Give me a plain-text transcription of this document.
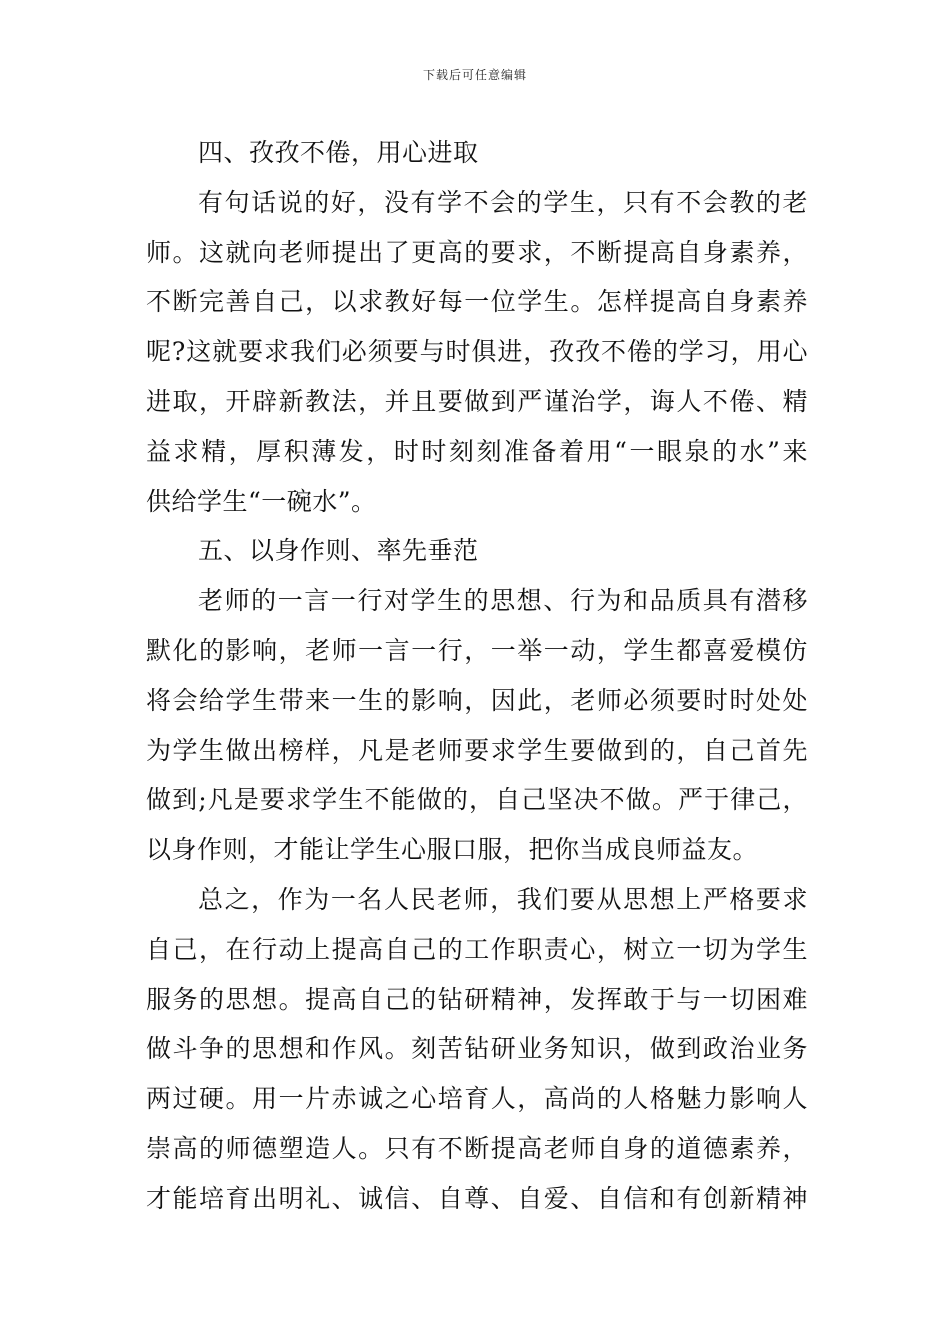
下载后可任意编辑
四、孜孜不倦，用心进取
有句话说的好，没有学不会的学生，只有不会教的老
师。这就向老师提出了更高的要求，不断提高自身素养，
不断完善自己，以求教好每一位学生。怎样提高自身素养
呢?这就要求我们必须要与时俱进，孜孜不倦的学习，用心
进取，开辟新教法，并且要做到严谨治学，诲人不倦、精
益求精，厚积薄发，时时刻刻准备着用“一眼泉的水”来
供给学生“一碗水”。
五、以身作则、率先垂范
老师的一言一行对学生的思想、行为和品质具有潜移
默化的影响，老师一言一行，一举一动，学生都喜爱模仿
将会给学生带来一生的影响，因此，老师必须要时时处处
为学生做出榜样，凡是老师要求学生要做到的，自己首先
做到;凡是要求学生不能做的，自己坚决不做。严于律己，
以身作则，才能让学生心服口服，把你当成良师益友。
总之，作为一名人民老师，我们要从思想上严格要求
自己，在行动上提高自己的工作职责心，树立一切为学生
服务的思想。提高自己的钻研精神，发挥敢于与一切困难
做斗争的思想和作风。刻苦钻研业务知识，做到政治业务
两过硬。用一片赤诚之心培育人，高尚的人格魅力影响人
崇高的师德塑造人。只有不断提高老师自身的道德素养，
才能培育出明礼、诚信、自尊、自爱、自信和有创新精神
